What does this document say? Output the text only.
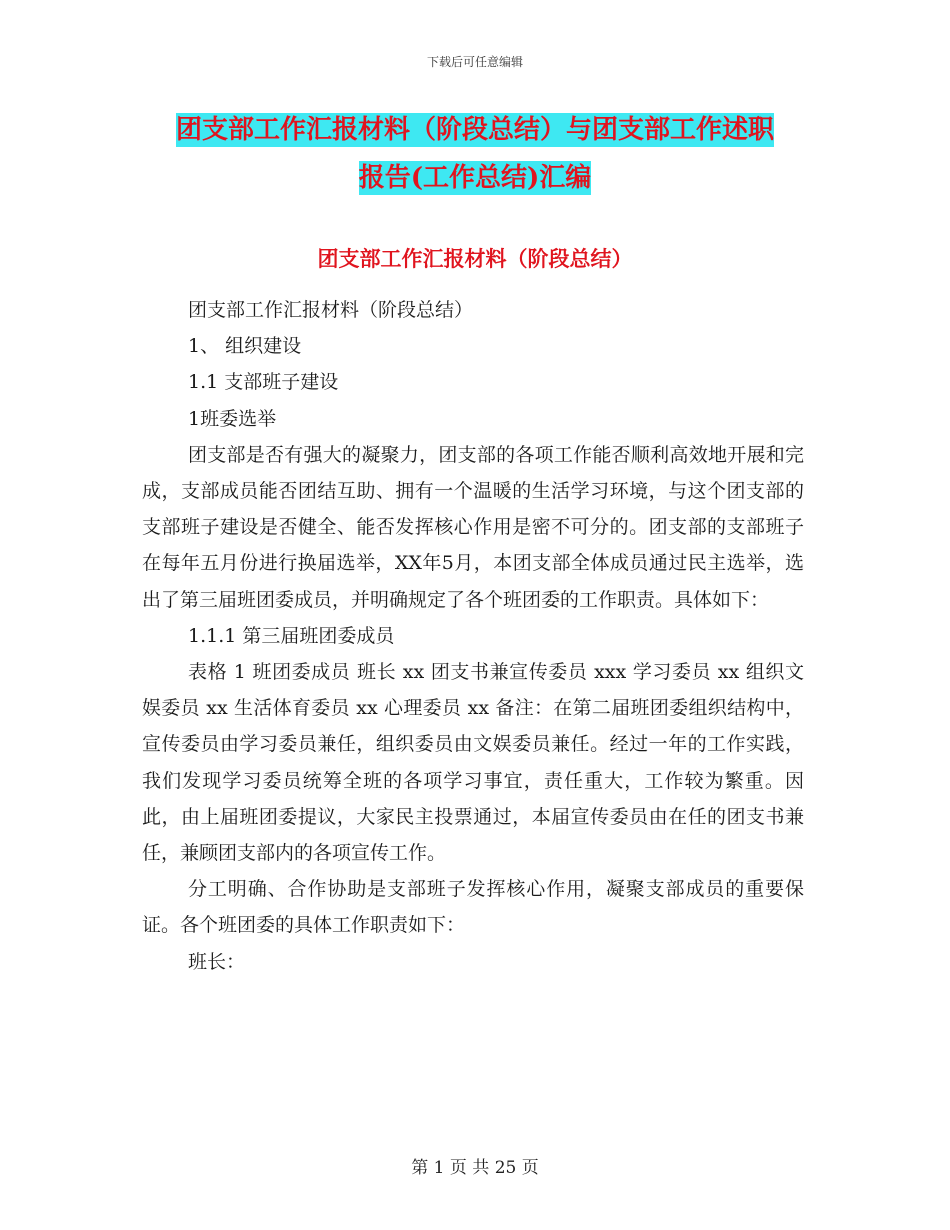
下载后可任意编辑
团支部工作汇报材料（阶段总结）与团支部工作述职
报告(工作总结)汇编
团支部工作汇报材料（阶段总结）

团支部工作汇报材料（阶段总结）

1、 组织建设

1.1 支部班子建设

1班委选举

团支部是否有强大的凝聚力，团支部的各项工作能否顺利高效地开展和完成，支部成员能否团结互助、拥有一个温暖的生活学习环境，与这个团支部的支部班子建设是否健全、能否发挥核心作用是密不可分的。团支部的支部班子在每年五月份进行换届选举，XX年5月，本团支部全体成员通过民主选举，选出了第三届班团委成员，并明确规定了各个班团委的工作职责。具体如下：

1.1.1 第三届班团委成员

表格 1 班团委成员 班长 xx 团支书兼宣传委员 xxx 学习委员 xx 组织文娱委员 xx 生活体育委员 xx 心理委员 xx 备注：在第二届班团委组织结构中，宣传委员由学习委员兼任，组织委员由文娱委员兼任。经过一年的工作实践，我们发现学习委员统筹全班的各项学习事宜，责任重大，工作较为繁重。因此，由上届班团委提议，大家民主投票通过，本届宣传委员由在任的团支书兼任，兼顾团支部内的各项宣传工作。

分工明确、合作协助是支部班子发挥核心作用，凝聚支部成员的重要保证。各个班团委的具体工作职责如下：

班长：

第 1 页 共 25 页
